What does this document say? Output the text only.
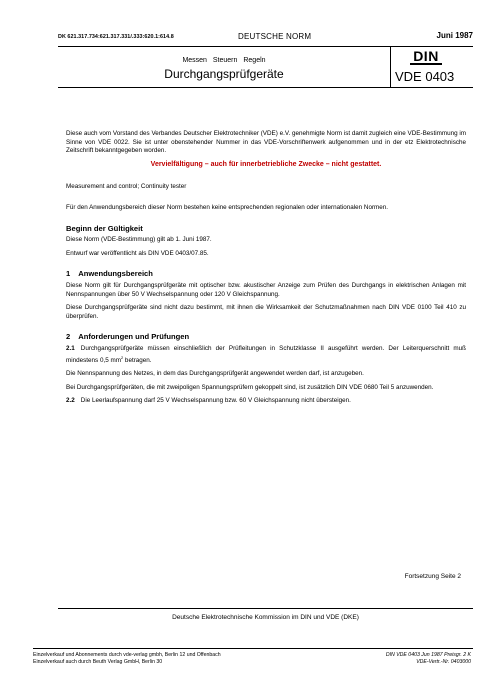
DK 621.317.734:621.317.331/.333:620.1:614.8	DEUTSCHE NORM	Juni 1987
Messen Steuern Regeln
Durchgangsprüfgeräte
DIN
VDE 0403

Diese auch vom Vorstand des Verbandes Deutscher Elektrotechniker (VDE) e.V. genehmigte Norm ist damit zugleich eine VDE-Bestimmung im Sinne von VDE 0022. Sie ist unter obenstehender Nummer in das VDE-Vorschriftenwerk aufgenommen und in der etz Elektrotechnische Zeitschrift bekanntgegeben worden.

Vervielfältigung – auch für innerbetriebliche Zwecke – nicht gestattet.

Measurement and control; Continuity tester

Für den Anwendungsbereich dieser Norm bestehen keine entsprechenden regionalen oder internationalen Normen.

Beginn der Gültigkeit

Diese Norm (VDE-Bestimmung) gilt ab 1. Juni 1987.

Entwurf war veröffentlicht als DIN VDE 0403/07.85.

1 Anwendungsbereich

Diese Norm gilt für Durchgangsprüfgeräte mit optischer bzw. akustischer Anzeige zum Prüfen des Durchgangs in elektrischen Anlagen mit Nennspannungen über 50 V Wechselspannung oder 120 V Gleichspannung.

Diese Durchgangsprüfgeräte sind nicht dazu bestimmt, mit ihnen die Wirksamkeit der Schutzmaßnahmen nach DIN VDE 0100 Teil 410 zu überprüfen.

2 Anforderungen und Prüfungen

2.1 Durchgangsprüfgeräte müssen einschließlich der Prüfleitungen in Schutzklasse II ausgeführt werden. Der Leiterquerschnitt muß mindestens 0,5 $mm^2$ betragen.

Die Nennspannung des Netzes, in dem das Durchgangsprüfgerät angewendet werden darf, ist anzugeben.

Bei Durchgangsprüfgeräten, die mit zweipoligen Spannungsprüfern gekoppelt sind, ist zusätzlich DIN VDE 0680 Teil 5 anzuwenden.

2.2 Die Leerlaufspannung darf 25 V Wechselspannung bzw. 60 V Gleichspannung nicht übersteigen.

Fortsetzung Seite 2
Deutsche Elektrotechnische Kommission im DIN und VDE (DKE)
Einzelverkauf und Abonnements durch vde-verlag gmbh, Berlin 12 und Offenbach
Einzelverkauf auch durch Beuth Verlag GmbH, Berlin 30
DIN VDE 0403 Jun 1987 Preisgr. 2 K
VDE-Vertr.-Nr. 0403000
